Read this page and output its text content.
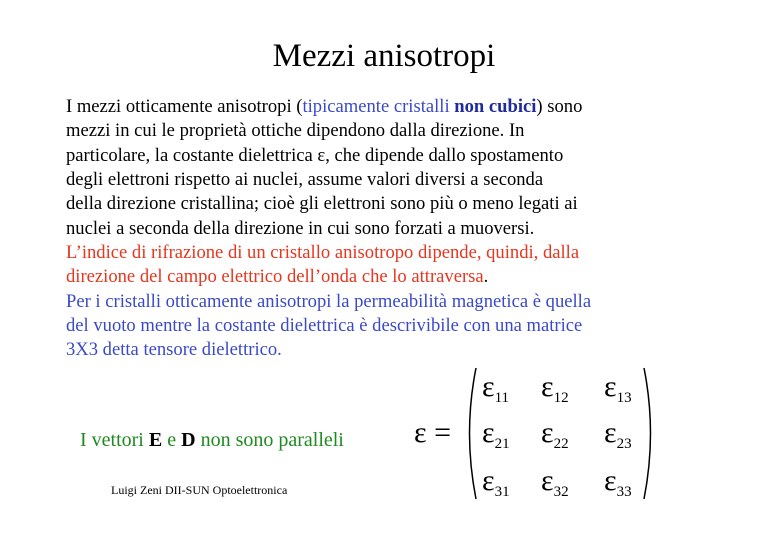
Mezzi anisotropi
I mezzi otticamente anisotropi (tipicamente cristalli non cubici) sono
mezzi in cui le proprietà ottiche dipendono dalla direzione. In
particolare, la costante dielettrica ε, che dipende dallo spostamento
degli elettroni rispetto ai nuclei, assume valori diversi a seconda
della direzione cristallina; cioè gli elettroni sono più o meno legati ai
nuclei a seconda della direzione in cui sono forzati a muoversi.
L’indice di rifrazione di un cristallo anisotropo dipende, quindi, dalla
direzione del campo elettrico dell’onda che lo attraversa.
Per i cristalli otticamente anisotropi la permeabilità magnetica è quella
del vuoto mentre la costante dielettrica è descrivibile con una matrice
3X3 detta tensore dielettrico.
I vettori E e D non sono paralleli
Luigi Zeni DII-SUN Optoelettronica
ε =
$\varepsilon_{11}$ $\varepsilon_{12}$ $\varepsilon_{13}$
$\varepsilon_{21}$ $\varepsilon_{22}$ $\varepsilon_{23}$
$\varepsilon_{31}$ $\varepsilon_{32}$ $\varepsilon_{33}$
